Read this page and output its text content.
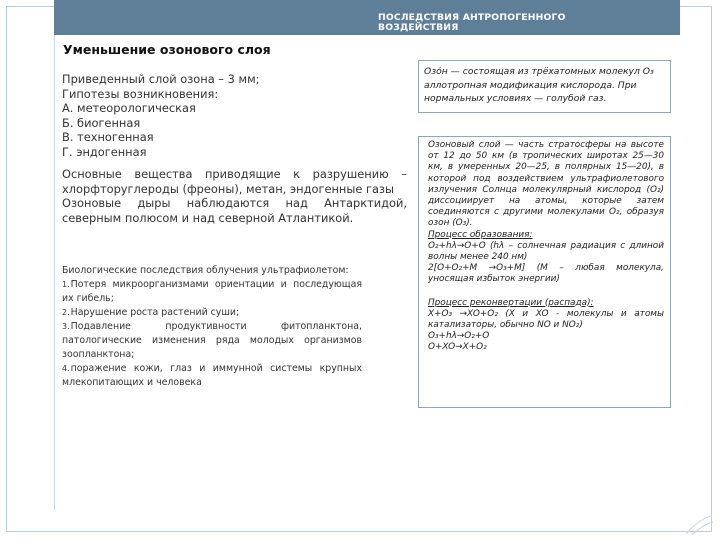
ПОСЛЕДСТВИЯ АНТРОПОГЕННОГО ВОЗДЕЙСТВИЯ
Уменьшение озонового слоя
Приведенный слой озона – 3 мм;
Гипотезы возникновения:
А. метеорологическая
Б. биогенная
В. техногенная
Г. эндогенная
Основные вещества приводящие к разрушению – хлорфторуглероды (фреоны), метан, эндогенные газы
Озоновые дыры наблюдаются над Антарктидой, северным полюсом и над северной Атлантикой.
Биологические последствия облучения ультрафиолетом:
1.Потеря микроорганизмами ориентации и последующая их гибель;
2.Нарушение роста растений суши;
3.Подавление продуктивности фитопланктона, патологические изменения ряда молодых организмов зоопланктона;
4.поражение кожи, глаз и иммунной системы крупных млекопитающих и человека
Озóн — состоящая из трёхатомных молекул O₃ аллотропная модификация кислорода. При нормальных условиях — голубой газ.
Озоновый слой — часть стратосферы на высоте от 12 до 50 км (в тропических широтах 25—30 км, в умеренных 20—25, в полярных 15—20), в которой под воздействием ультрафиолетового излучения Солнца молекулярный кислород (O₂) диссоциирует на атомы, которые затем соединяются с другими молекулами O₂, образуя озон (O₃).
Процесс образования:
O₂+hλ→O+O (hλ – солнечная радиация с длиной волны менее 240 нм)
2[O+O₂+M →O₃+M] (M – любая молекула, уносящая избыток энергии)
Процесс реконвертации (распада):
X+O₃ →XO+O₂ (X и XO - молекулы и атомы катализаторы, обычно NO и NO₂)
O₃+hλ→O₂+O
O+XO→X+O₂
